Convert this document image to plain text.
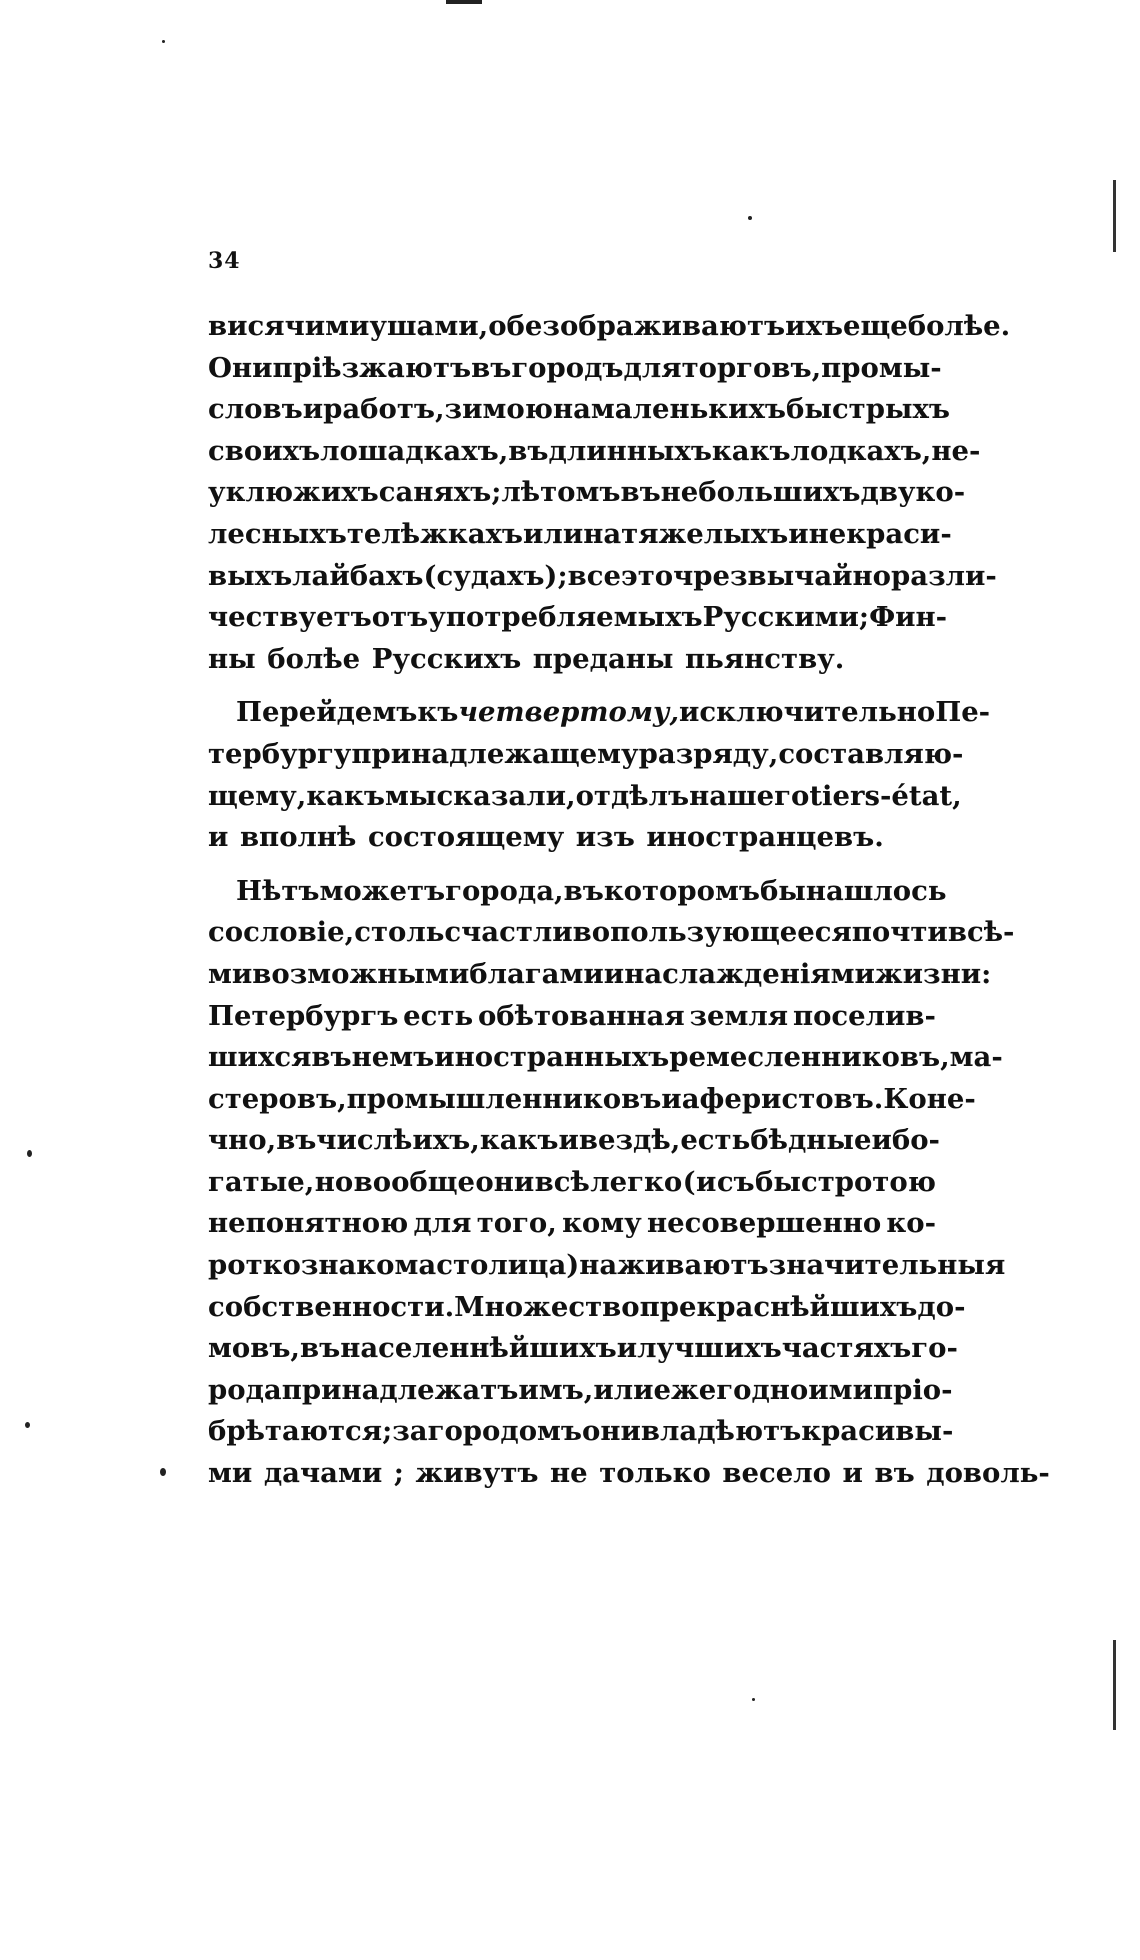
34
висячими ушами, обезображиваютъ ихъ еще болѣе.
Они прiѣзжаютъ въ городъ для торговъ , промы-
словъ и работъ, зимою на маленькихъ быстрыхъ
своихъ лошадкахъ, въ длинныхъ какъ лодкахъ , не-
уклюжихъ саняхъ ; лѣтомъ въ небольшихъ двуко-
лесныхъ телѣжкахъ или на тяжелыхъ и некраси-
выхъ лайбахъ (судахъ); все это чрезвычайно разли-
чествуетъ отъ употребляемыхъ Русскими ; Фин-
ны болѣе Русскихъ преданы пьянству.
Перейдемъ къ четвертому, исключительно Пе-
тербургу принадлежащему разряду, составляю-
щему, какъ мы сказали, отдѣлъ нашего tiers-état ,
и вполнѣ состоящему изъ иностранцевъ.
Нѣтъ можетъ города, въ которомъ бы нашлось
сословiе, столь счастливо пользующееся почти всѣ-
ми возможными благами и наслажденiями жизни:
Петербургъ есть обѣтованная земля поселив-
шихся въ немъ иностранныхъ ремесленниковъ , ма-
стеровъ , промышленниковъ и аферистовъ. Коне-
чно, въ числѣ ихъ, какъ и вездѣ, есть бѣдные и бо-
гатые, но вообще они всѣ легко ( и съ быстротою
непонятною для того, кому несовершенно ко-
ротко знакома столица) наживаютъ значительныя
собственности. Множество прекраснѣйшихъ до-
мовъ, въ населеннѣйшихъ и лучшихъ частяхъ го-
рода принадлежатъ имъ , или ежегодно ими прiо-
брѣтаются; за городомъ они владѣютъ красивы-
ми дачами ; живутъ не только весело и въ доволь-
